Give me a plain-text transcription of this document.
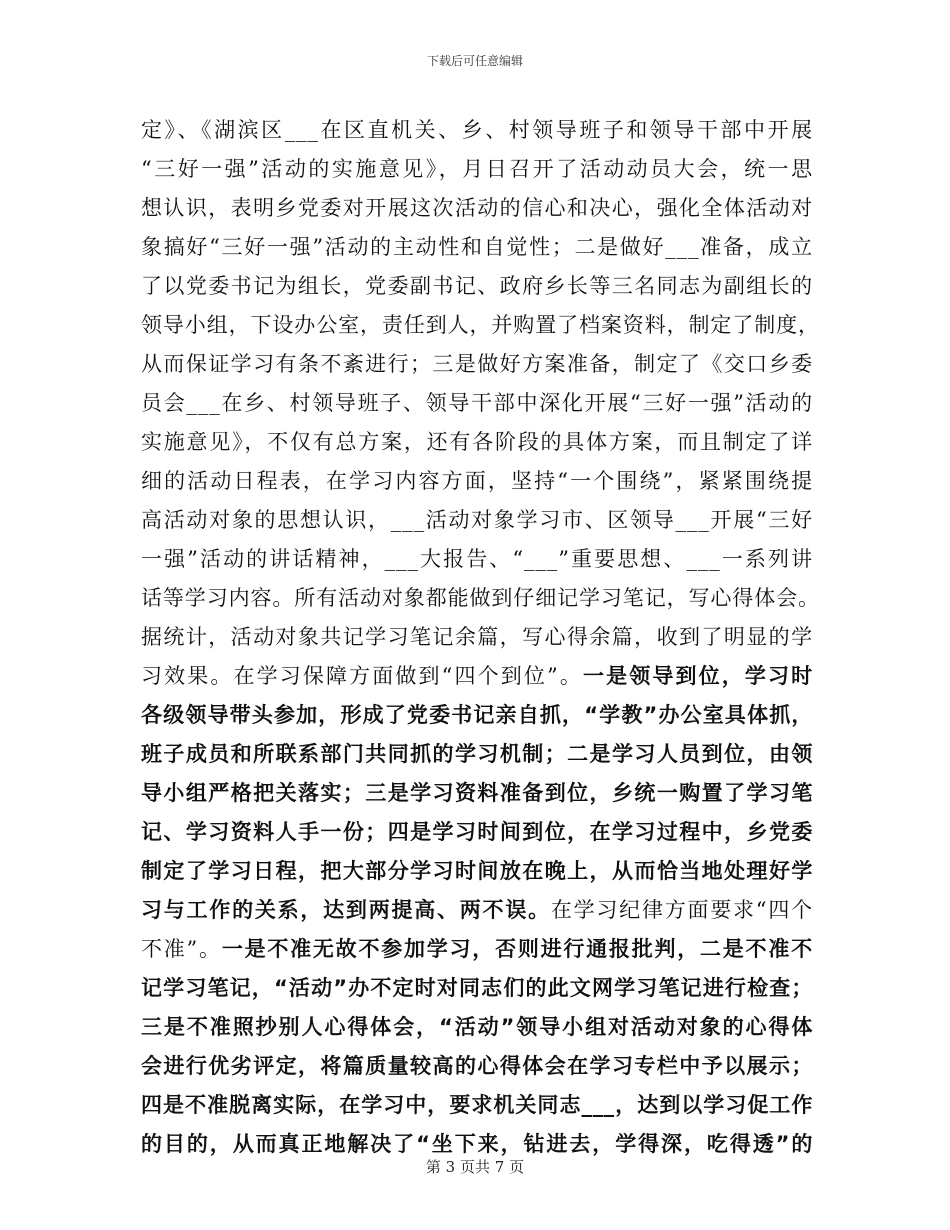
下载后可任意编辑
定》、《湖滨区___在区直机关、乡、村领导班子和领导干部中开展
“三好一强”活动的实施意见》，月日召开了活动动员大会，统一思
想认识，表明乡党委对开展这次活动的信心和决心，强化全体活动对
象搞好“三好一强”活动的主动性和自觉性；二是做好___准备，成立
了以党委书记为组长，党委副书记、政府乡长等三名同志为副组长的
领导小组，下设办公室，责任到人，并购置了档案资料，制定了制度，
从而保证学习有条不紊进行；三是做好方案准备，制定了《交口乡委
员会___在乡、村领导班子、领导干部中深化开展“三好一强”活动的
实施意见》，不仅有总方案，还有各阶段的具体方案，而且制定了详
细的活动日程表，在学习内容方面，坚持“一个围绕”，紧紧围绕提
高活动对象的思想认识，___活动对象学习市、区领导___开展“三好
一强”活动的讲话精神，___大报告、“___”重要思想、___一系列讲
话等学习内容。所有活动对象都能做到仔细记学习笔记，写心得体会。
据统计，活动对象共记学习笔记余篇，写心得余篇，收到了明显的学
习效果。在学习保障方面做到“四个到位”。一是领导到位，学习时
各级领导带头参加，形成了党委书记亲自抓，“学教”办公室具体抓，
班子成员和所联系部门共同抓的学习机制；二是学习人员到位，由领
导小组严格把关落实；三是学习资料准备到位，乡统一购置了学习笔
记、学习资料人手一份；四是学习时间到位，在学习过程中，乡党委
制定了学习日程，把大部分学习时间放在晚上，从而恰当地处理好学
习与工作的关系，达到两提高、两不误。在学习纪律方面要求“四个
不准”。一是不准无故不参加学习，否则进行通报批判，二是不准不
记学习笔记，“活动”办不定时对同志们的此文网学习笔记进行检查；
三是不准照抄别人心得体会，“活动”领导小组对活动对象的心得体
会进行优劣评定，将篇质量较高的心得体会在学习专栏中予以展示；
四是不准脱离实际，在学习中，要求机关同志___，达到以学习促工作
的目的，从而真正地解决了“坐下来，钻进去，学得深，吃得透”的
第 3 页共 7 页
